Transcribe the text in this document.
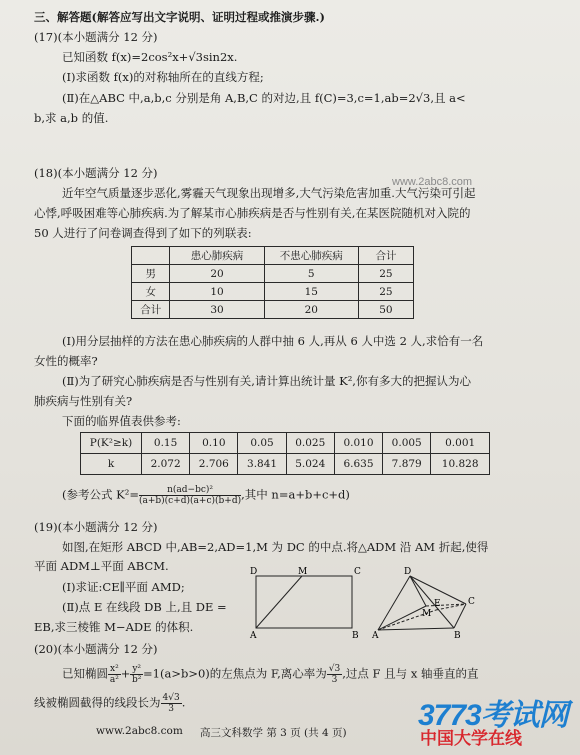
三、解答题(解答应写出文字说明、证明过程或推演步骤.)
(17)(本小题满分 12 分)
已知函数 f(x)=2cos²x+√3sin2x.
(Ⅰ)求函数 f(x)的对称轴所在的直线方程;
(Ⅱ)在△ABC 中,a,b,c 分别是角 A,B,C 的对边,且 f(C)=3,c=1,ab=2√3,且 a<
b,求 a,b 的值.
(18)(本小题满分 12 分)
近年空气质量逐步恶化,雾霾天气现象出现增多,大气污染危害加重.大气污染可引起
心悸,呼吸困难等心肺疾病.为了解某市心肺疾病是否与性别有关,在某医院随机对入院的
50 人进行了问卷调查得到了如下的列联表:
	患心肺疾病	不患心肺疾病	合计
男	20	5	25
女	10	15	25
合计	30	20	50
(Ⅰ)用分层抽样的方法在患心肺疾病的人群中抽 6 人,再从 6 人中选 2 人,求恰有一名
女性的概率?
(Ⅱ)为了研究心肺疾病是否与性别有关,请计算出统计量 K²,你有多大的把握认为心
肺疾病与性别有关?
下面的临界值表供参考:
P(K²≥k)	0.15	0.10	0.05	0.025	0.010	0.005	0.001
k	2.072	2.706	3.841	5.024	6.635	7.879	10.828
(参考公式 $K^2= \frac{\text{n(ad−bc)²}}{(a+b)(c+d)(a+c)(b+d)}$ ,其中 n=a+b+c+d)
(19)(本小题满分 12 分)
如图,在矩形 ABCD 中,AB=2,AD=1,M 为 DC 的中点.将△ADM 沿 AM 折起,使得
平面 ADM⊥平面 ABCM.
(Ⅰ)求证:CE∥平面 AMD;
(Ⅱ)点 E 在线段 DB 上,且 DE =
EB,求三棱锥 M−ADE 的体积.
D	M	C
A	B
D
M
C
E
A	B
(20)(本小题满分 12 分)
已知椭圆 $\frac{\text{x²}}{\text{a²}} + \frac{\text{y²}}{\text{b²}} =1(a>b>0)$的左焦点为 F,离心率为 $\frac{√3}{3}$ ,过点 F 且与 x 轴垂直的直
线被椭圆截得的线段长为 $\frac{4√3}{3}$ .
www.2abc8.com 高三文科数学 第 3 页 (共 4 页)
www.2abc8.com
3773考试网
中国大学在线
